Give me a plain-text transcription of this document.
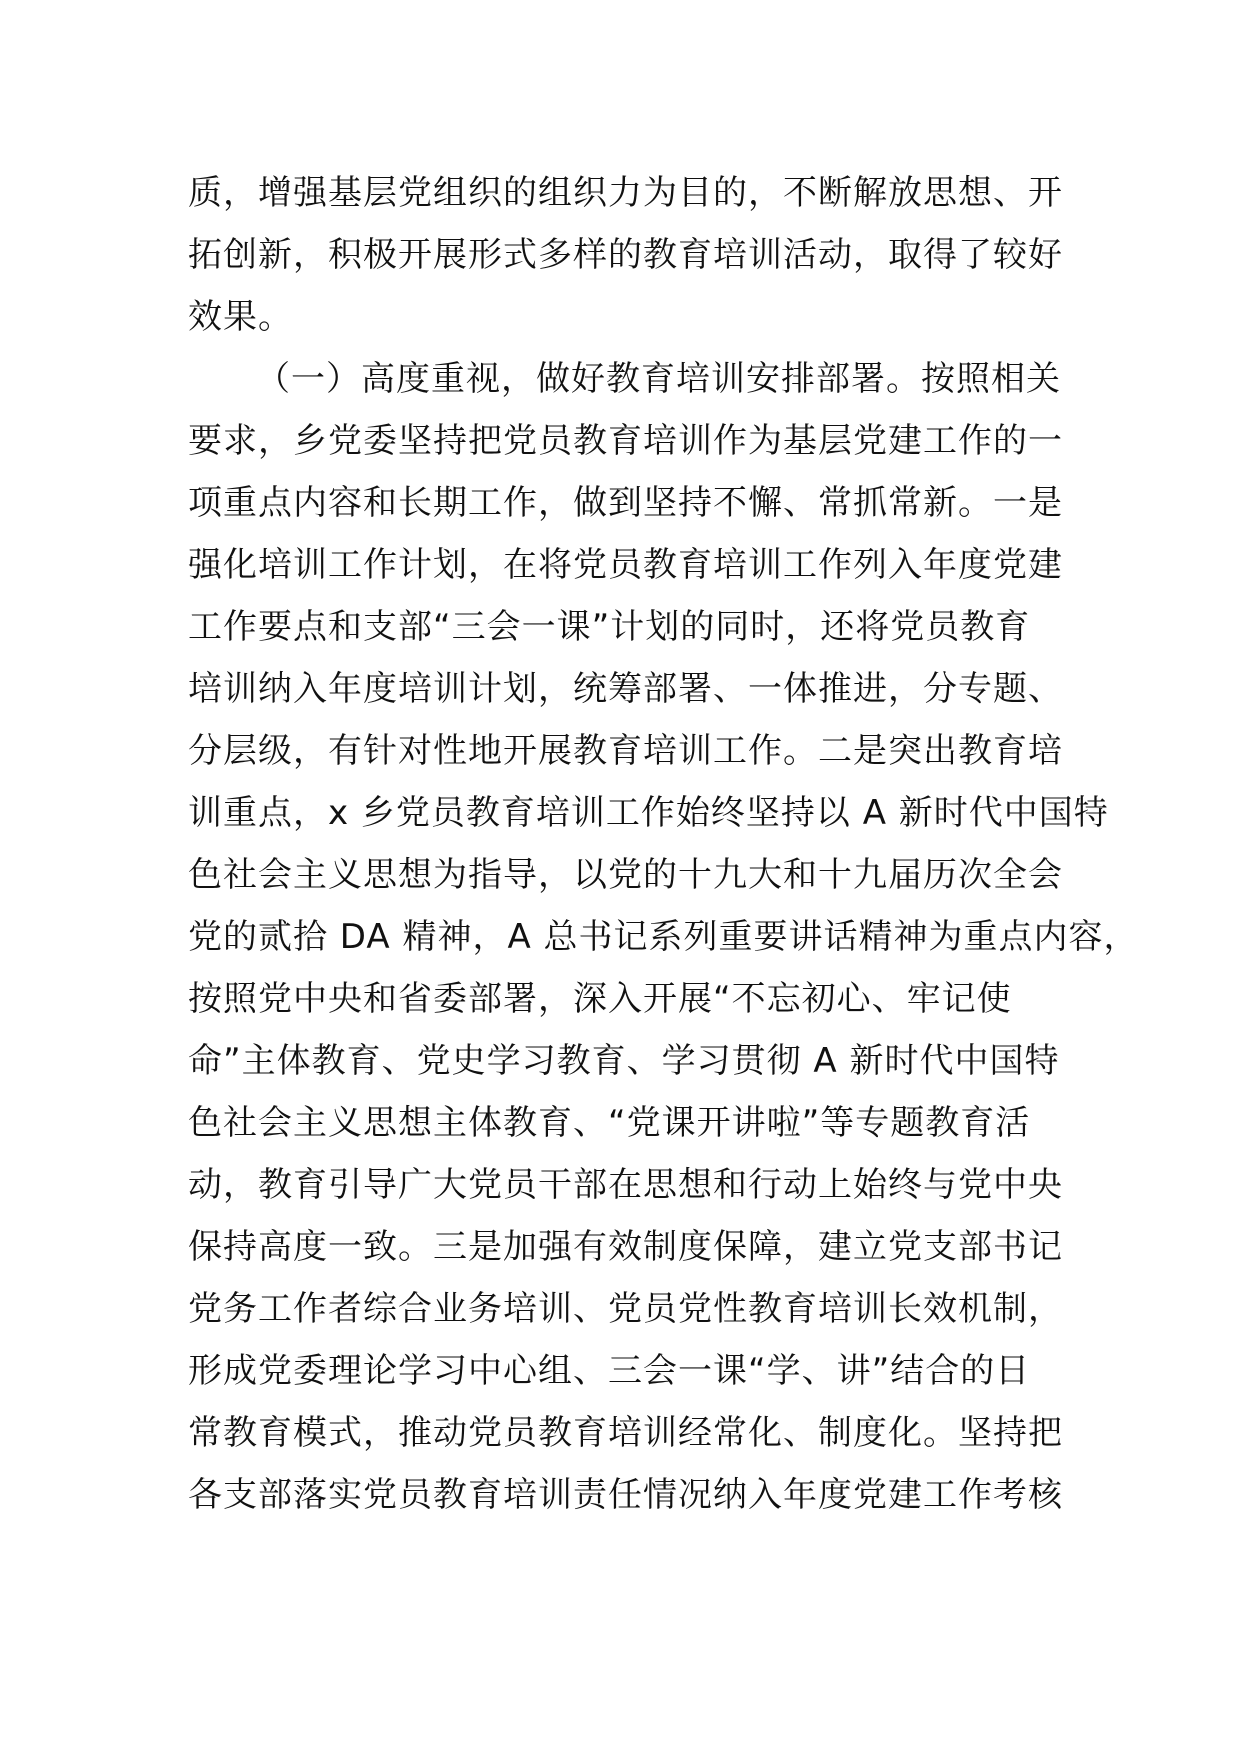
质，增强基层党组织的组织力为目的，不断解放思想、开
拓创新，积极开展形式多样的教育培训活动，取得了较好
效果。
（一）高度重视，做好教育培训安排部署。按照相关
要求，乡党委坚持把党员教育培训作为基层党建工作的一
项重点内容和长期工作，做到坚持不懈、常抓常新。一是
强化培训工作计划，在将党员教育培训工作列入年度党建
工作要点和支部“三会一课”计划的同时，还将党员教育
培训纳入年度培训计划，统筹部署、一体推进，分专题、
分层级，有针对性地开展教育培训工作。二是突出教育培
训重点，x 乡党员教育培训工作始终坚持以 A 新时代中国特
色社会主义思想为指导，以党的十九大和十九届历次全会
党的贰拾 DA 精神，A 总书记系列重要讲话精神为重点内容，
按照党中央和省委部署，深入开展“不忘初心、牢记使
命”主体教育、党史学习教育、学习贯彻 A 新时代中国特
色社会主义思想主体教育、“党课开讲啦”等专题教育活
动，教育引导广大党员干部在思想和行动上始终与党中央
保持高度一致。三是加强有效制度保障，建立党支部书记
党务工作者综合业务培训、党员党性教育培训长效机制，
形成党委理论学习中心组、三会一课“学、讲”结合的日
常教育模式，推动党员教育培训经常化、制度化。坚持把
各支部落实党员教育培训责任情况纳入年度党建工作考核
